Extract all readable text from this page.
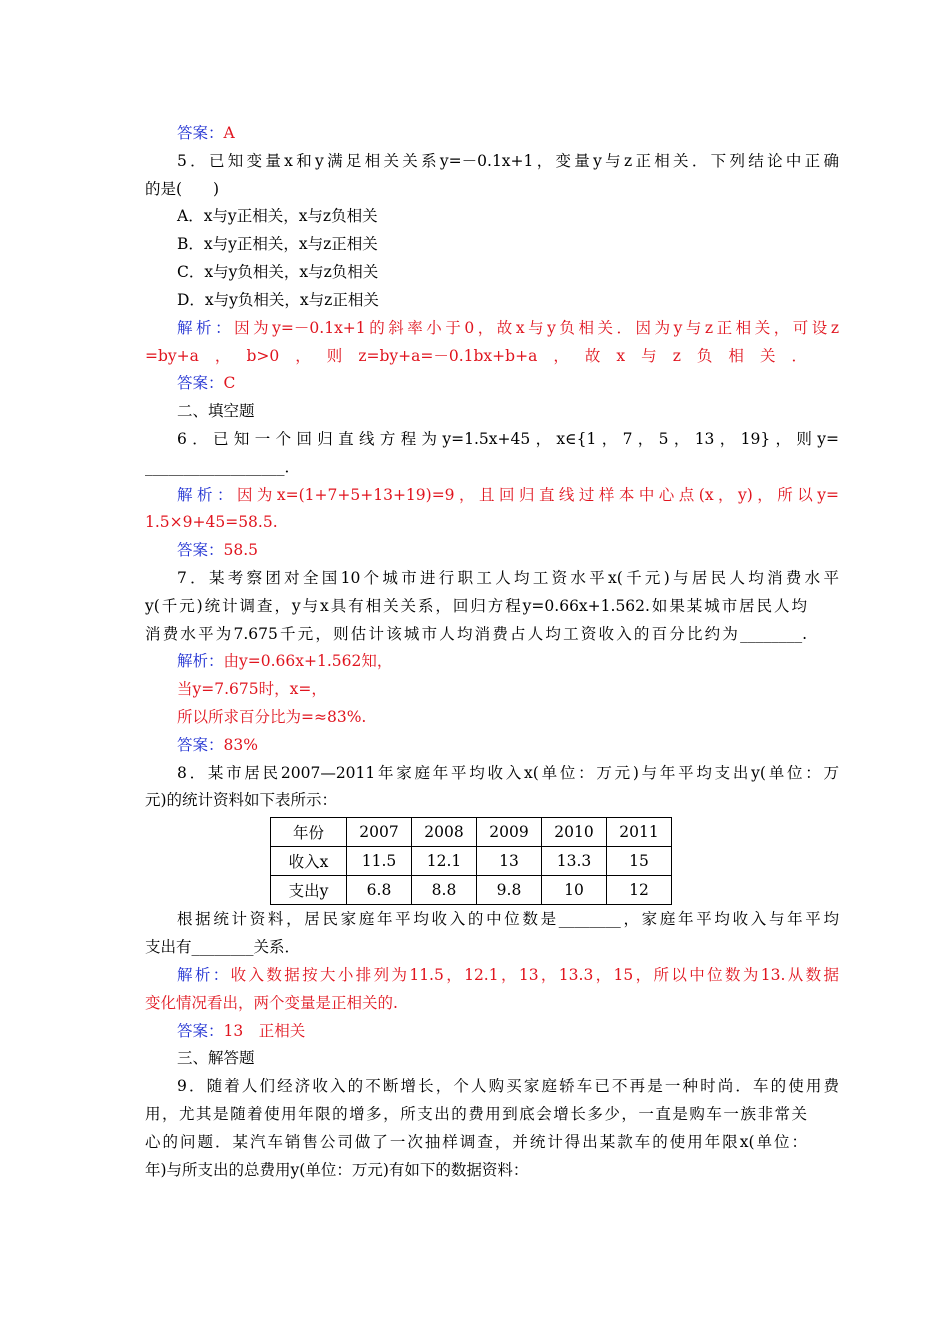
年份	2007	2008	2009	2010	2011
收入x	11.5	12.1	13	13.3	15
支出y	6.8	8.8	9.8	10	12
答案：A
5．已知变量x和y满足相关关系y=－0.1x+1，变量y与z正相关．下列结论中正确
的是(　　)
A．x与y正相关，x与z负相关
B．x与y正相关，x与z正相关
C．x与y负相关，x与z负相关
D．x与y负相关，x与z正相关
解析：因为y=－0.1x+1的斜率小于0，故x与y负相关．因为y与z正相关，可设z
=by+a，b>0，则z=by+a=－0.1bx+b+a，故x与z负相关．
答案：C
二、填空题
6．已知一个回归直线方程为y=1.5x+45，x∈{1，7，5，13，19}，则y=
__________________．
解析：因为x=(1+7+5+13+19)=9，且回归直线过样本中心点(x，y)，所以y=
1.5×9+45=58.5.
答案：58.5
7．某考察团对全国10个城市进行职工人均工资水平x(千元)与居民人均消费水平
y(千元)统计调查，y与x具有相关关系，回归方程y=0.66x+1.562.如果某城市居民人均
消费水平为7.675千元，则估计该城市人均消费占人均工资收入的百分比约为________.
解析：由y=0.66x+1.562知，
当y=7.675时，x=，
所以所求百分比为=≈83%.
答案：83%
8．某市居民2007—2011年家庭年平均收入x(单位：万元)与年平均支出y(单位：万
元)的统计资料如下表所示：
根据统计资料，居民家庭年平均收入的中位数是________，家庭年平均收入与年平均
支出有________关系．
解析：收入数据按大小排列为11.5，12.1，13，13.3，15，所以中位数为13.从数据
变化情况看出，两个变量是正相关的.
答案：13　正相关
三、解答题
9．随着人们经济收入的不断增长，个人购买家庭轿车已不再是一种时尚．车的使用费
用，尤其是随着使用年限的增多，所支出的费用到底会增长多少，一直是购车一族非常关
心的问题．某汽车销售公司做了一次抽样调查，并统计得出某款车的使用年限x(单位：
年)与所支出的总费用y(单位：万元)有如下的数据资料：
